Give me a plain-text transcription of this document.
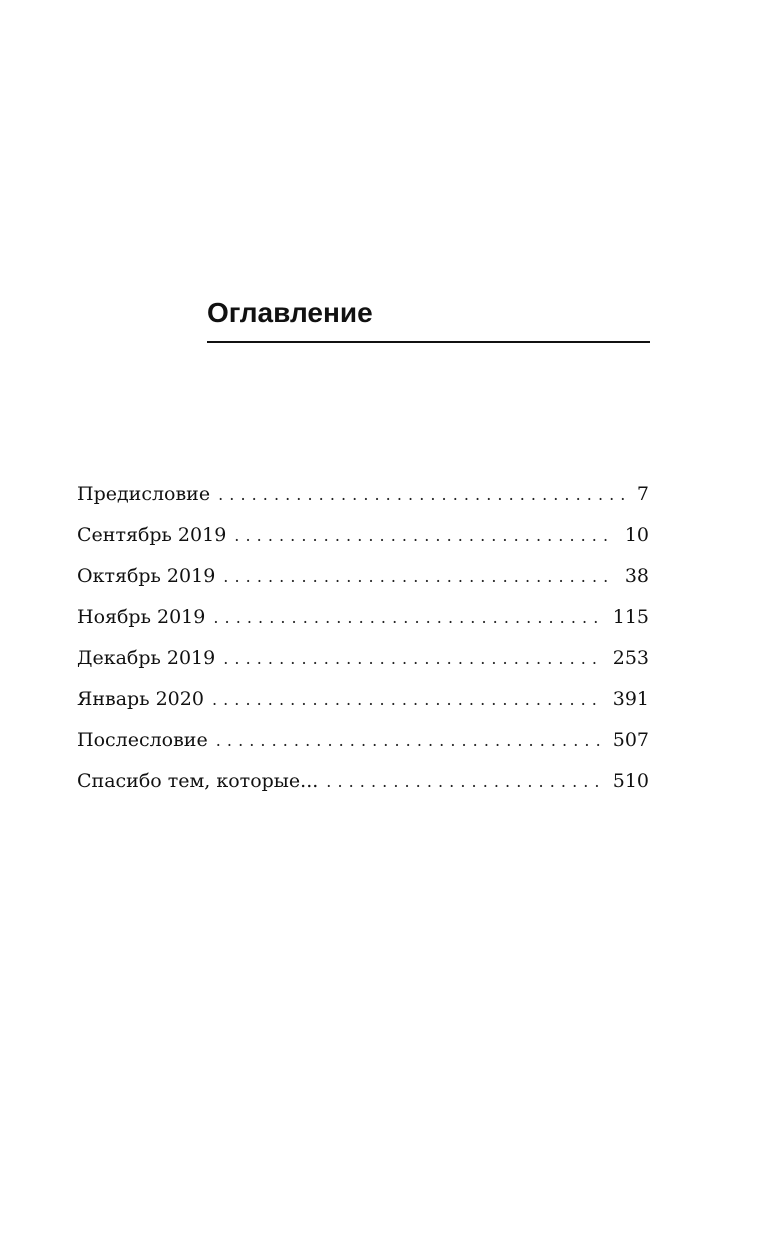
Оглавление
Предисловие . . .	7
Сентябрь 2019 . . .	10
Октябрь 2019 . . .	38
Ноябрь 2019 . . .	115
Декабрь 2019 . . .	253
Январь 2020 . . .	391
Послесловие . . .	507
Спасибо тем, которые... . . .	510
